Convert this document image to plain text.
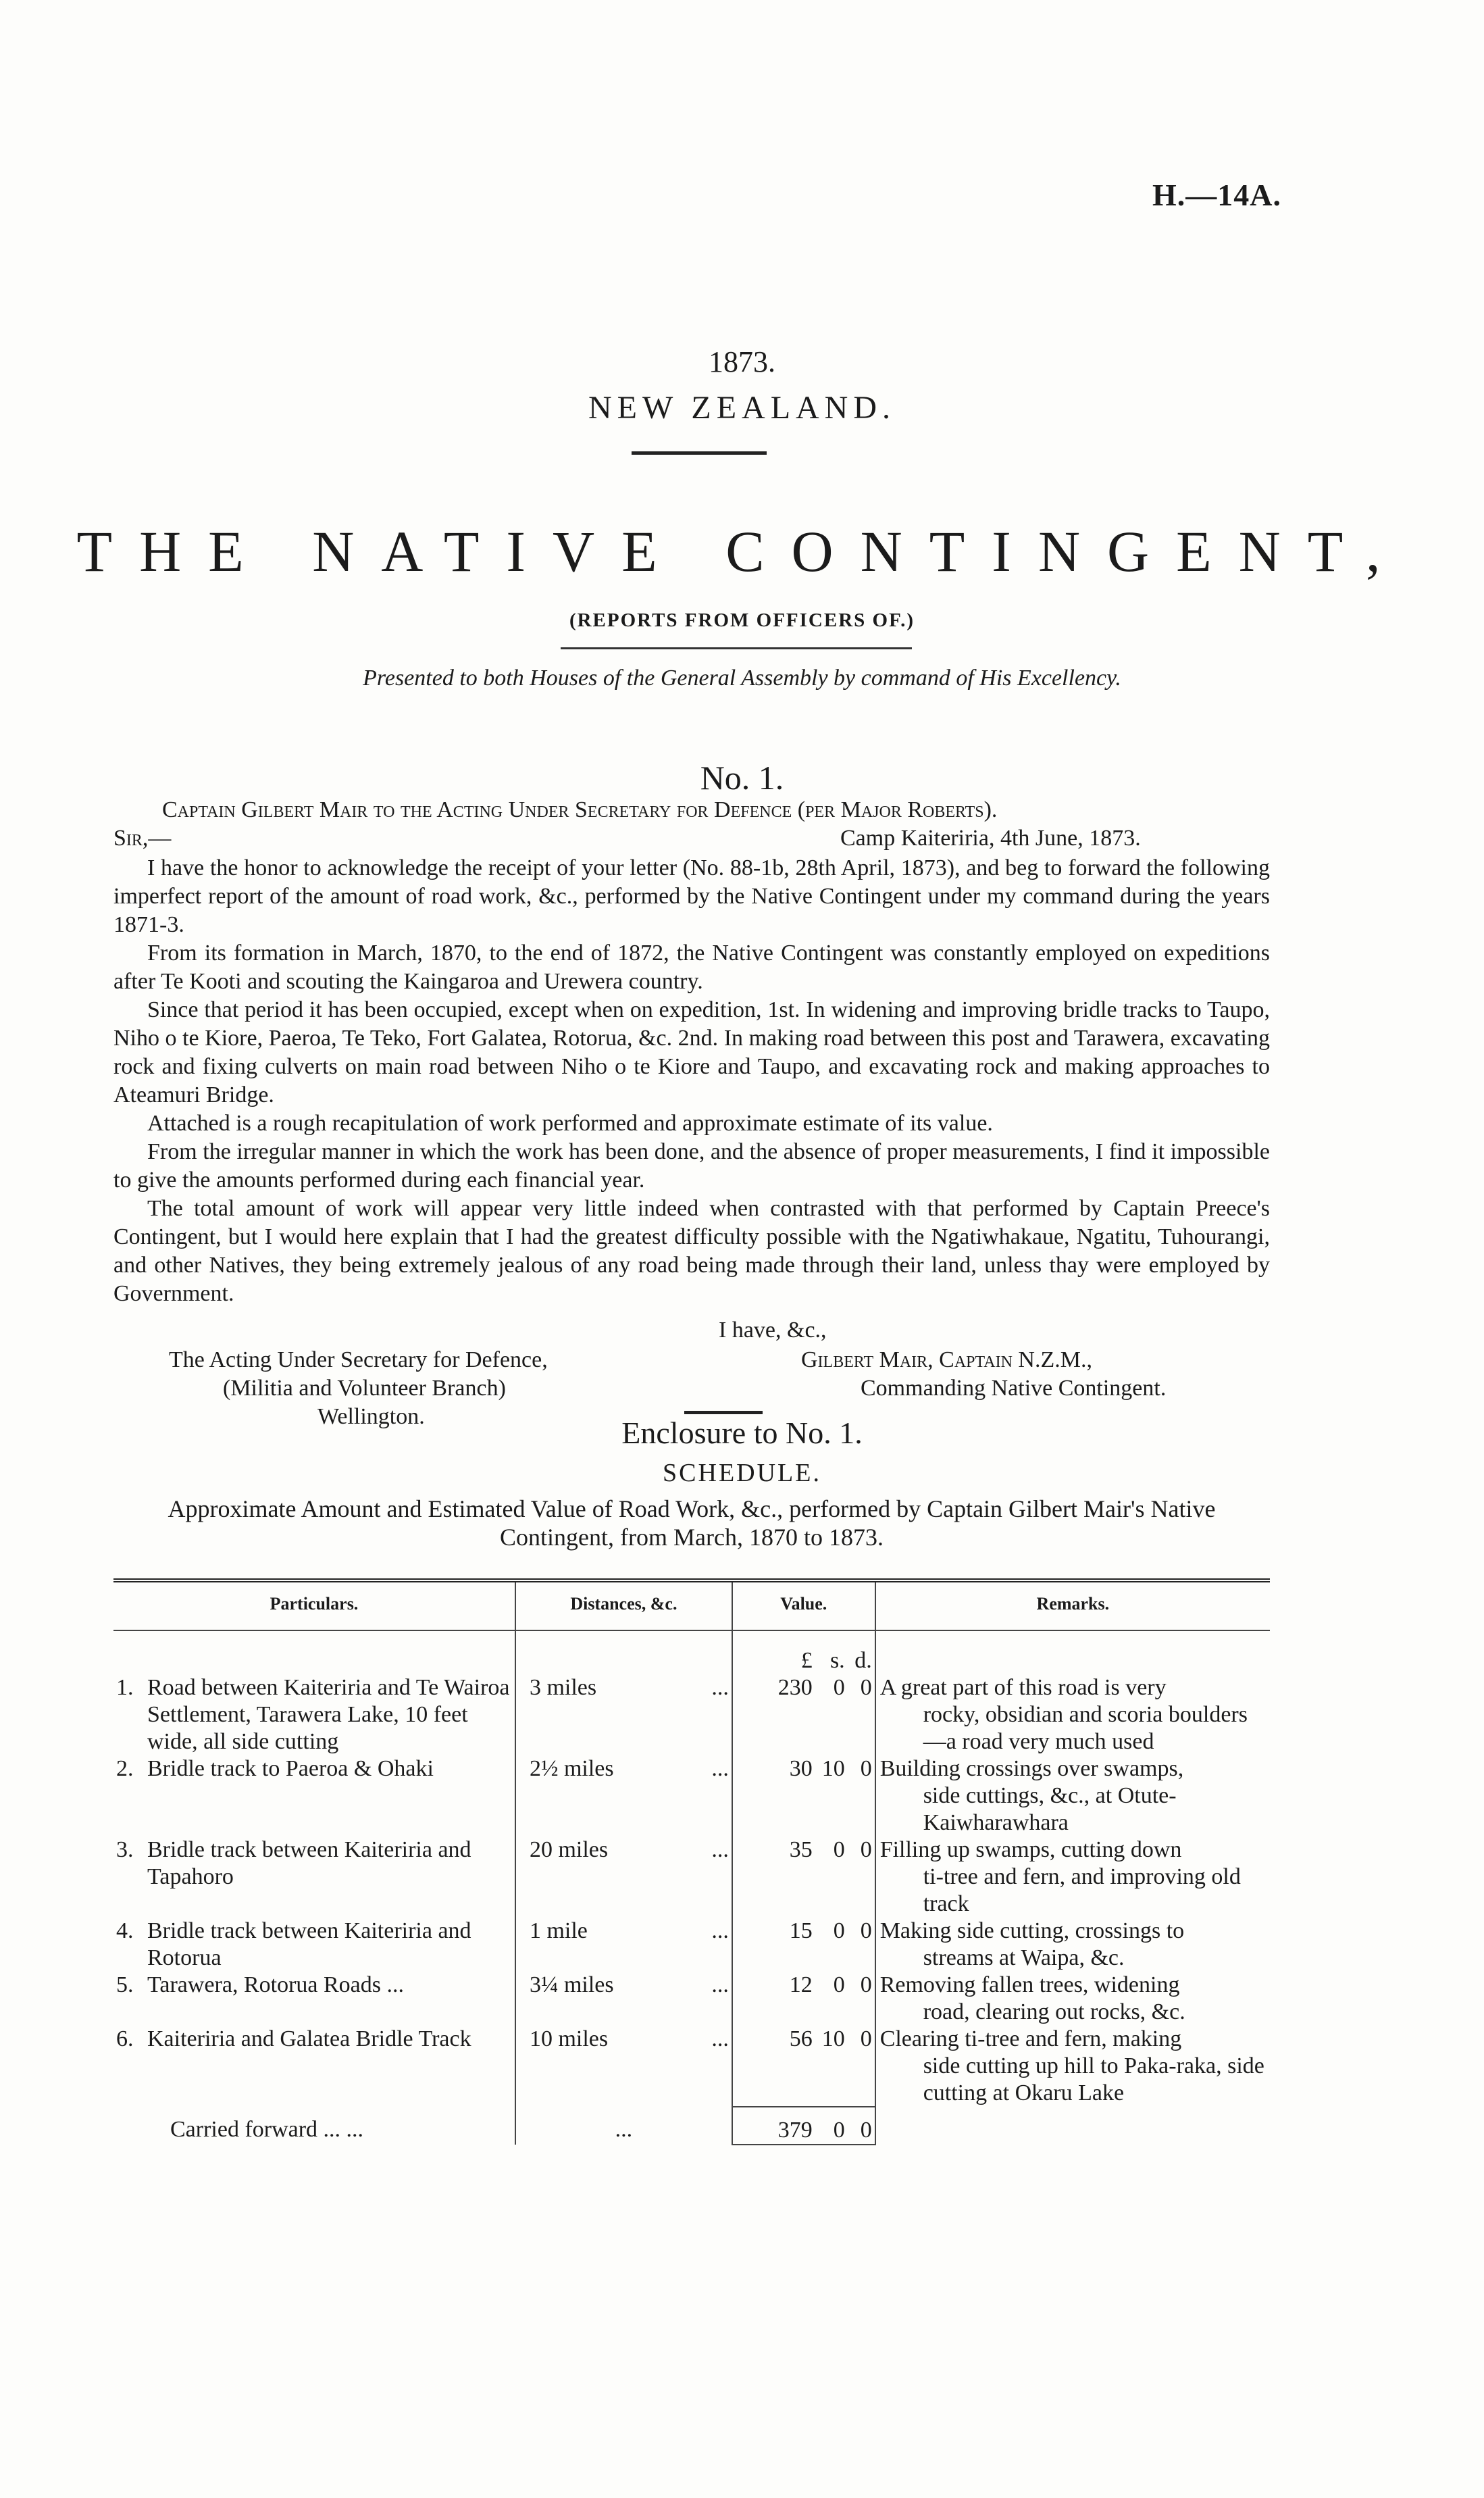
H.—14A.
1873.
NEW ZEALAND.
THE NATIVE CONTINGENT,
(REPORTS FROM OFFICERS OF.)
Presented to both Houses of the General Assembly by command of His Excellency.
No. 1.
Captain Gilbert Mair to the Acting Under Secretary for Defence (per Major Roberts).
Sir,—	Camp Kaiteriria, 4th June, 1873.

I have the honor to acknowledge the receipt of your letter (No. 88-1b, 28th April, 1873), and beg to forward the following imperfect report of the amount of road work, &c., performed by the Native Contingent under my command during the years 1871-3.

From its formation in March, 1870, to the end of 1872, the Native Contingent was constantly employed on expeditions after Te Kooti and scouting the Kaingaroa and Urewera country.

Since that period it has been occupied, except when on expedition, 1st. In widening and improving bridle tracks to Taupo, Niho o te Kiore, Paeroa, Te Teko, Fort Galatea, Rotorua, &c. 2nd. In making road between this post and Tarawera, excavating rock and fixing culverts on main road between Niho o te Kiore and Taupo, and excavating rock and making approaches to Ateamuri Bridge.

Attached is a rough recapitulation of work performed and approximate estimate of its value.

From the irregular manner in which the work has been done, and the absence of proper measurements, I find it impossible to give the amounts performed during each financial year.

The total amount of work will appear very little indeed when contrasted with that performed by Captain Preece's Contingent, but I would here explain that I had the greatest difficulty possible with the Ngatiwhakaue, Ngatitu, Tuhourangi, and other Natives, they being extremely jealous of any road being made through their land, unless thay were employed by Government.

I have, &c.,
The Acting Under Secretary for Defence,
(Militia and Volunteer Branch)
Wellington.
Gilbert Mair, Captain N.Z.M.,
Commanding Native Contingent.
Enclosure to No. 1.
SCHEDULE.
Approximate Amount and Estimated Value of Road Work, &c., performed by Captain Gilbert Mair's Native Contingent, from March, 1870 to 1873.
Particulars.	Distances, &c.	Value.	Remarks.

		£ s. d.	

1. Road between Kaiteriria and Te Wairoa Settlement, Tarawera Lake, 10 feet wide, all side cutting	3 miles ...	230 0 0	A great part of this road is very
rocky, obsidian and scoria boulders—a road very much used

2. Bridle track to Paeroa & Ohaki	2½ miles ...	30 10 0	Building crossings over swamps,
side cuttings, &c., at Otute-Kaiwharawhara

3. Bridle track between Kaiteriria and Tapahoro	20 miles ...	35 0 0	Filling up swamps, cutting down
ti-tree and fern, and improving old track

4. Bridle track between Kaiteriria and Rotorua	1 mile ...	15 0 0	Making side cutting, crossings to
streams at Waipa, &c.

5. Tarawera, Rotorua Roads ...	3¼ miles ...	12 0 0	Removing fallen trees, widening
road, clearing out rocks, &c.

6. Kaiteriria and Galatea Bridle Track	10 miles ...	56 10 0	Clearing ti-tree and fern, making
side cutting up hill to Paka-raka, side cutting at Okaru Lake

Carried forward ... ...	...	379 0 0	
